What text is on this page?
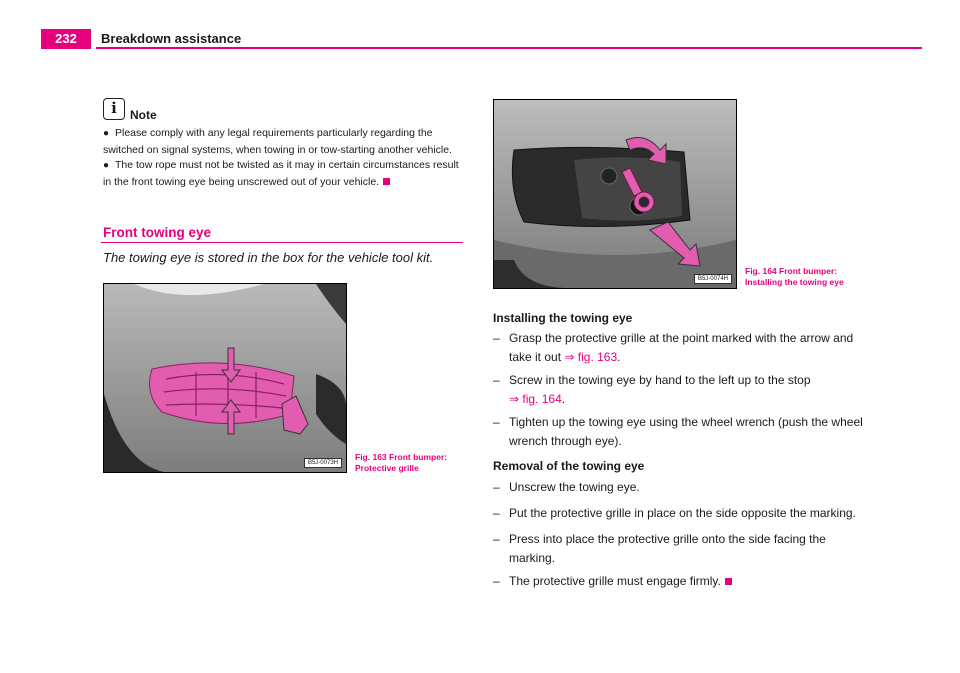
232	Breakdown assistance
i	Note
● Please comply with any legal requirements particularly regarding the switched on signal systems, when towing in or tow-starting another vehicle.
● The tow rope must not be twisted as it may in certain circumstances result in the front towing eye being unscrewed out of your vehicle.
Front towing eye
The towing eye is stored in the box for the vehicle tool kit.
B5J-0073H
Fig. 163 Front bumper:
Protective grille
B5J-0074H
Fig. 164 Front bumper:
Installing the towing eye
Installing the towing eye
– Grasp the protective grille at the point marked with the arrow and
take it out ⇒ fig. 163.
– Screw in the towing eye by hand to the left up to the stop
⇒ fig. 164.
– Tighten up the towing eye using the wheel wrench (push the wheel
wrench through eye).
Removal of the towing eye
– Unscrew the towing eye.
– Put the protective grille in place on the side opposite the marking.
– Press into place the protective grille onto the side facing the
marking.
– The protective grille must engage firmly.
